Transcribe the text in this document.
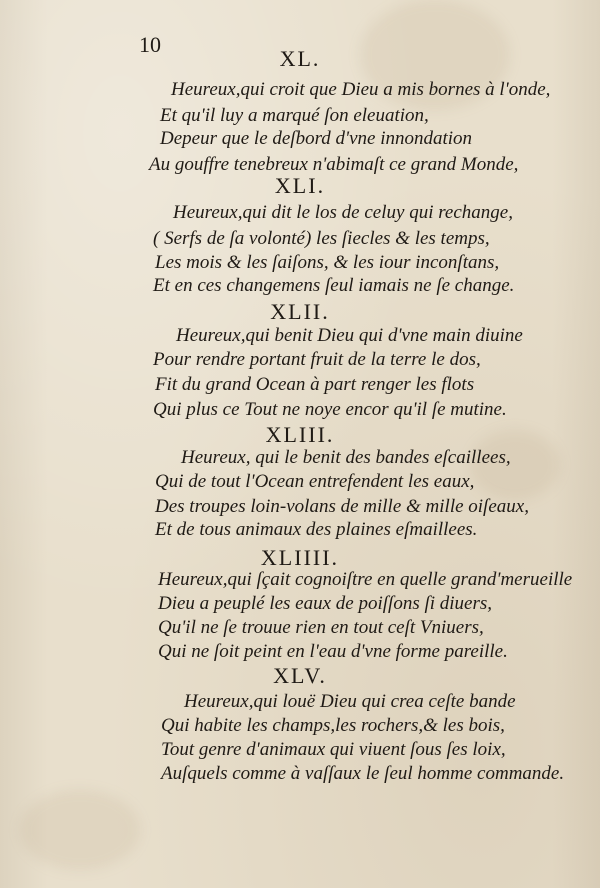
10
XL.
Heureux,qui croit que Dieu a mis bornes à l'onde,
Et qu'il luy a marqué ſon eleuation,
Depeur que le deſbord d'vne innondation
Au gouffre tenebreux n'abimaſt ce grand Monde,
XLI.
Heureux,qui dit le los de celuy qui rechange,
( Serfs de ſa volonté) les ſiecles & les temps,
Les mois & les ſaiſons, & les iour inconſtans,
Et en ces changemens ſeul iamais ne ſe change.
XLII.
Heureux,qui benit Dieu qui d'vne main diuine
Pour rendre portant fruit de la terre le dos,
Fit du grand Ocean à part renger les flots
Qui plus ce Tout ne noye encor qu'il ſe mutine.
XLIII.
Heureux, qui le benit des bandes eſcaillees,
Qui de tout l'Ocean entrefendent les eaux,
Des troupes loin-volans de mille & mille oiſeaux,
Et de tous animaux des plaines eſmaillees.
XLIIII.
Heureux,qui ſçait cognoiſtre en quelle grand'merueille
Dieu a peuplé les eaux de poiſſons ſi diuers,
Qu'il ne ſe trouue rien en tout ceſt Vniuers,
Qui ne ſoit peint en l'eau d'vne forme pareille.
XLV.
Heureux,qui louë Dieu qui crea ceſte bande
Qui habite les champs,les rochers,& les bois,
Tout genre d'animaux qui viuent ſous ſes loix,
Auſquels comme à vaſſaux le ſeul homme commande.
